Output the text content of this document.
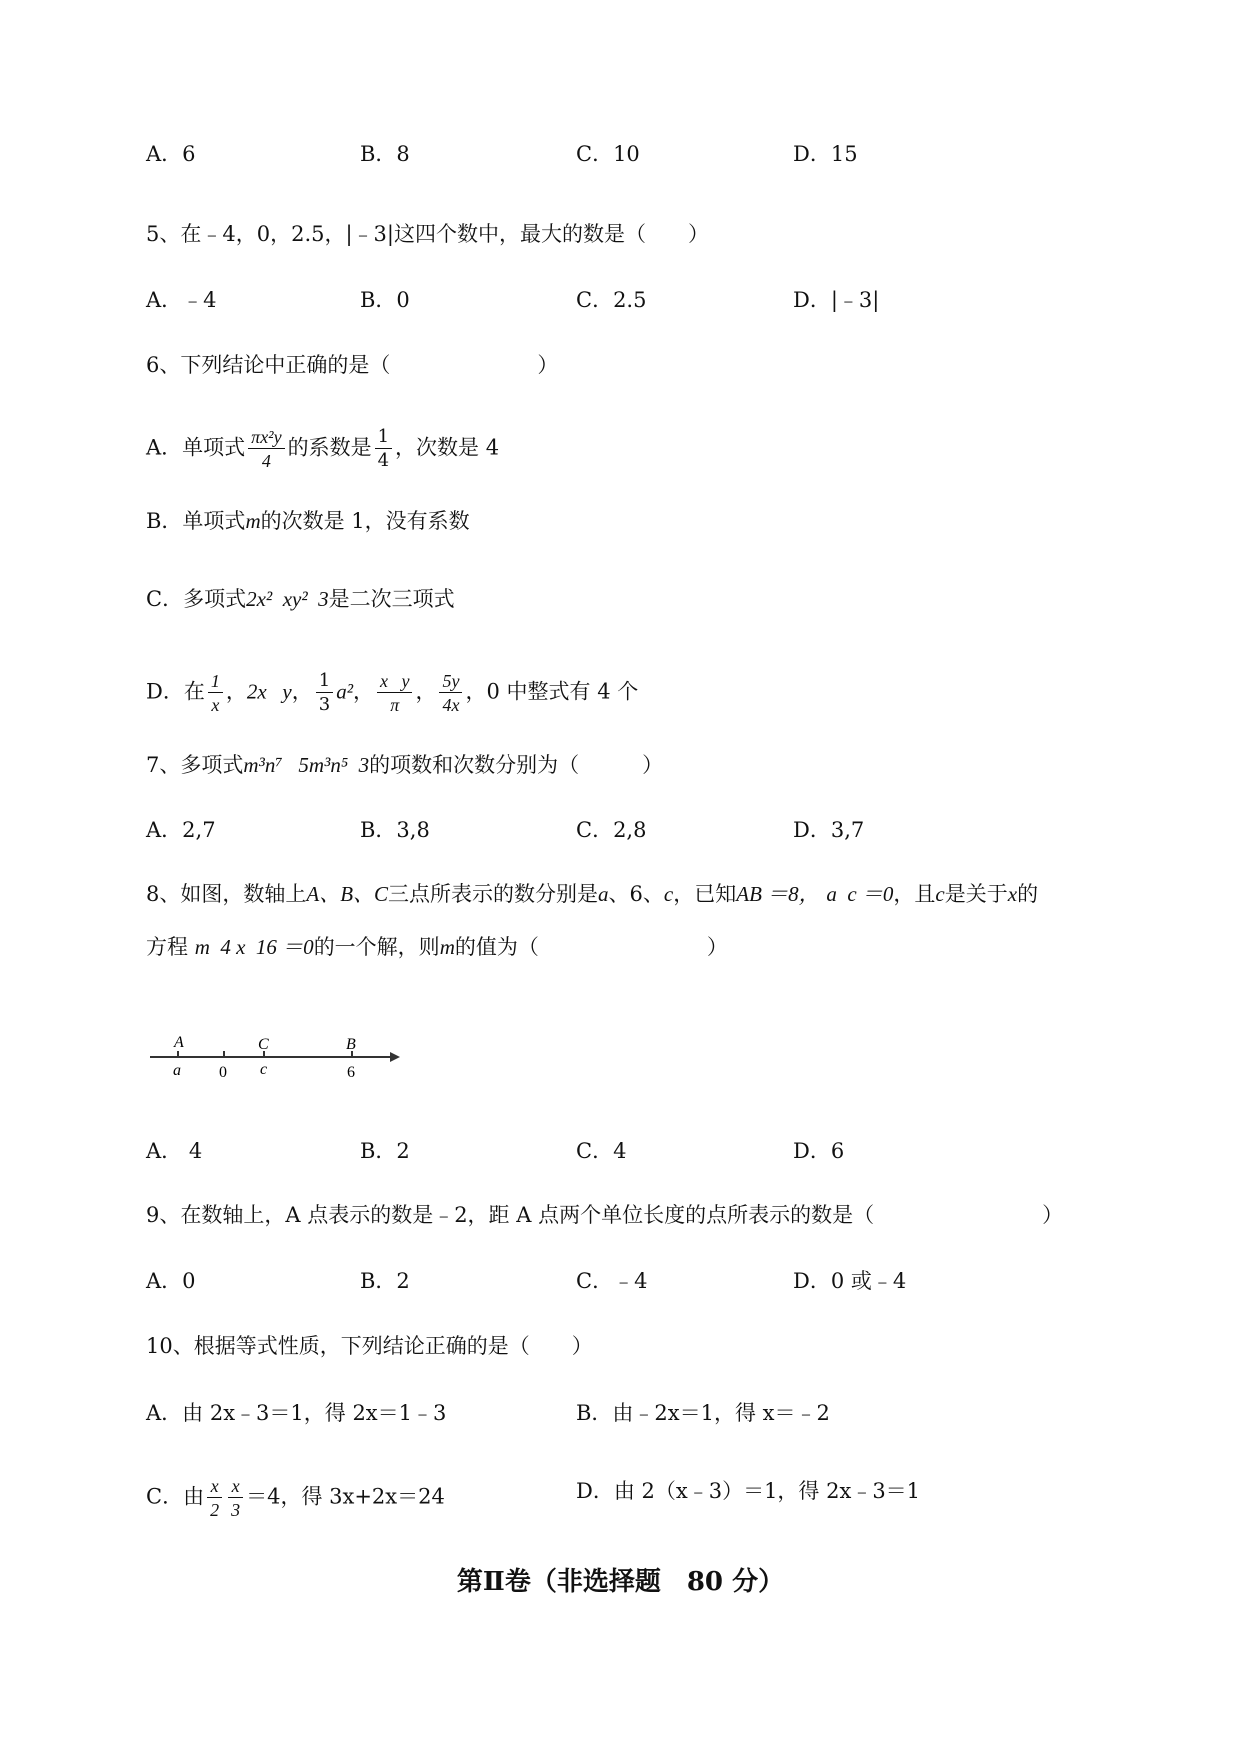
A．6	B．8	C．10	D．15
5、在﹣4，0，2.5，|﹣3|这四个数中，最大的数是（　　）
A．﹣4	B．0	C．2.5	D．|﹣3|
6、下列结论中正确的是（　　　　　　　）
A．单项式 $\frac{\text{πx²y}}{4}$ 的系数是 $\frac{1}{4}$ ，次数是 4
B．单项式m的次数是 1，没有系数
C．多项式2x²  xy²  3是二次三项式
D．在 $\frac{1}{x}$ ，2x   y， $\frac{1}{3} a^2$， $\frac{\text{x   y}}{\pi}$ ， $\frac{5y}{4x}$ ，0 中整式有 4 个
7、多项式m³n⁷   5m³n⁵  3的项数和次数分别为（　　　）
A．2,7	B．3,8	C．2,8	D．3,7
8、如图，数轴上A、B、C三点所表示的数分别是a、6、c，已知AB ＝8， a  c ＝0，且c是关于x的
方程 m  4 x  16 ＝0的一个解，则m的值为（　　　　　　　　）
A	C	B
a 0 c	6
A． 4	B．2	C．4	D．6
9、在数轴上，A 点表示的数是﹣2，距 A 点两个单位长度的点所表示的数是（　　　　　　　　）
A．0	B．2	C．﹣4	D．0 或﹣4
10、根据等式性质，下列结论正确的是（　　）
A．由 2x﹣3＝1，得 2x＝1﹣3	B．由﹣2x＝1，得 x＝﹣2
C．由 $\frac{x}{2} \frac{x}{3} =4$，得 3x+2x＝24	D．由 2（x﹣3）＝1，得 2x﹣3＝1
第Ⅱ卷（非选择题　80 分）
